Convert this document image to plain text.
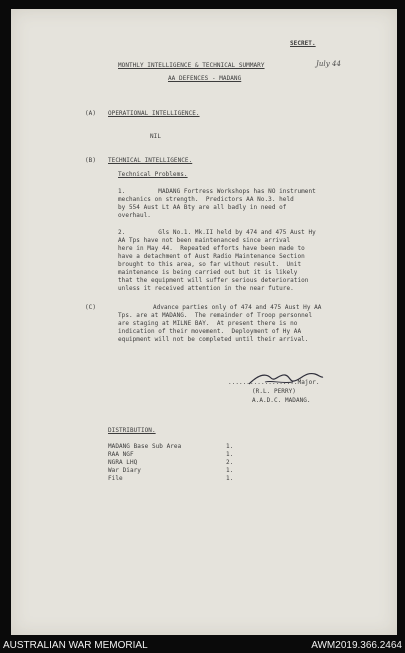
SECRET.
July 44
MONTHLY INTELLIGENCE & TECHNICAL SUMMARY
AA DEFENCES - MADANG
(A) OPERATIONAL INTELLIGENCE.
NIL
(B) TECHNICAL INTELLIGENCE.
Technical Problems.
1.         MADANG Fortress Workshops has NO instrument
mechanics on strength.  Predictors AA No.3. held
by 554 Aust Lt AA Bty are all badly in need of
overhaul.
2.         Gls No.1. Mk.II held by 474 and 475 Aust Hy
AA Tps have not been maintenanced since arrival
here in May 44.  Repeated efforts have been made to
have a detachment of Aust Radio Maintenance Section
brought to this area, so far without result.  Unit
maintenance is being carried out but it is likely
that the equipment will suffer serious deterioration
unless it received attention in the near future.
(C)	Advance parties only of 474 and 475 Aust Hy AA
Tps. are at MADANG.  The remainder of Troop personnel
are staging at MILNE BAY.  At present there is no
indication of their movement.  Deployment of Hy AA
equipment will not be completed until their arrival.
...................Major.
(R.L. PERRY)
A.A.D.C. MADANG.
DISTRIBUTION.
MADANG Base Sub Area	1.
RAA NGF	1.
NGRA LHQ	2.
War Diary	1.
File	1.
AUSTRALIAN WAR MEMORIAL	AWM2019.366.2464
